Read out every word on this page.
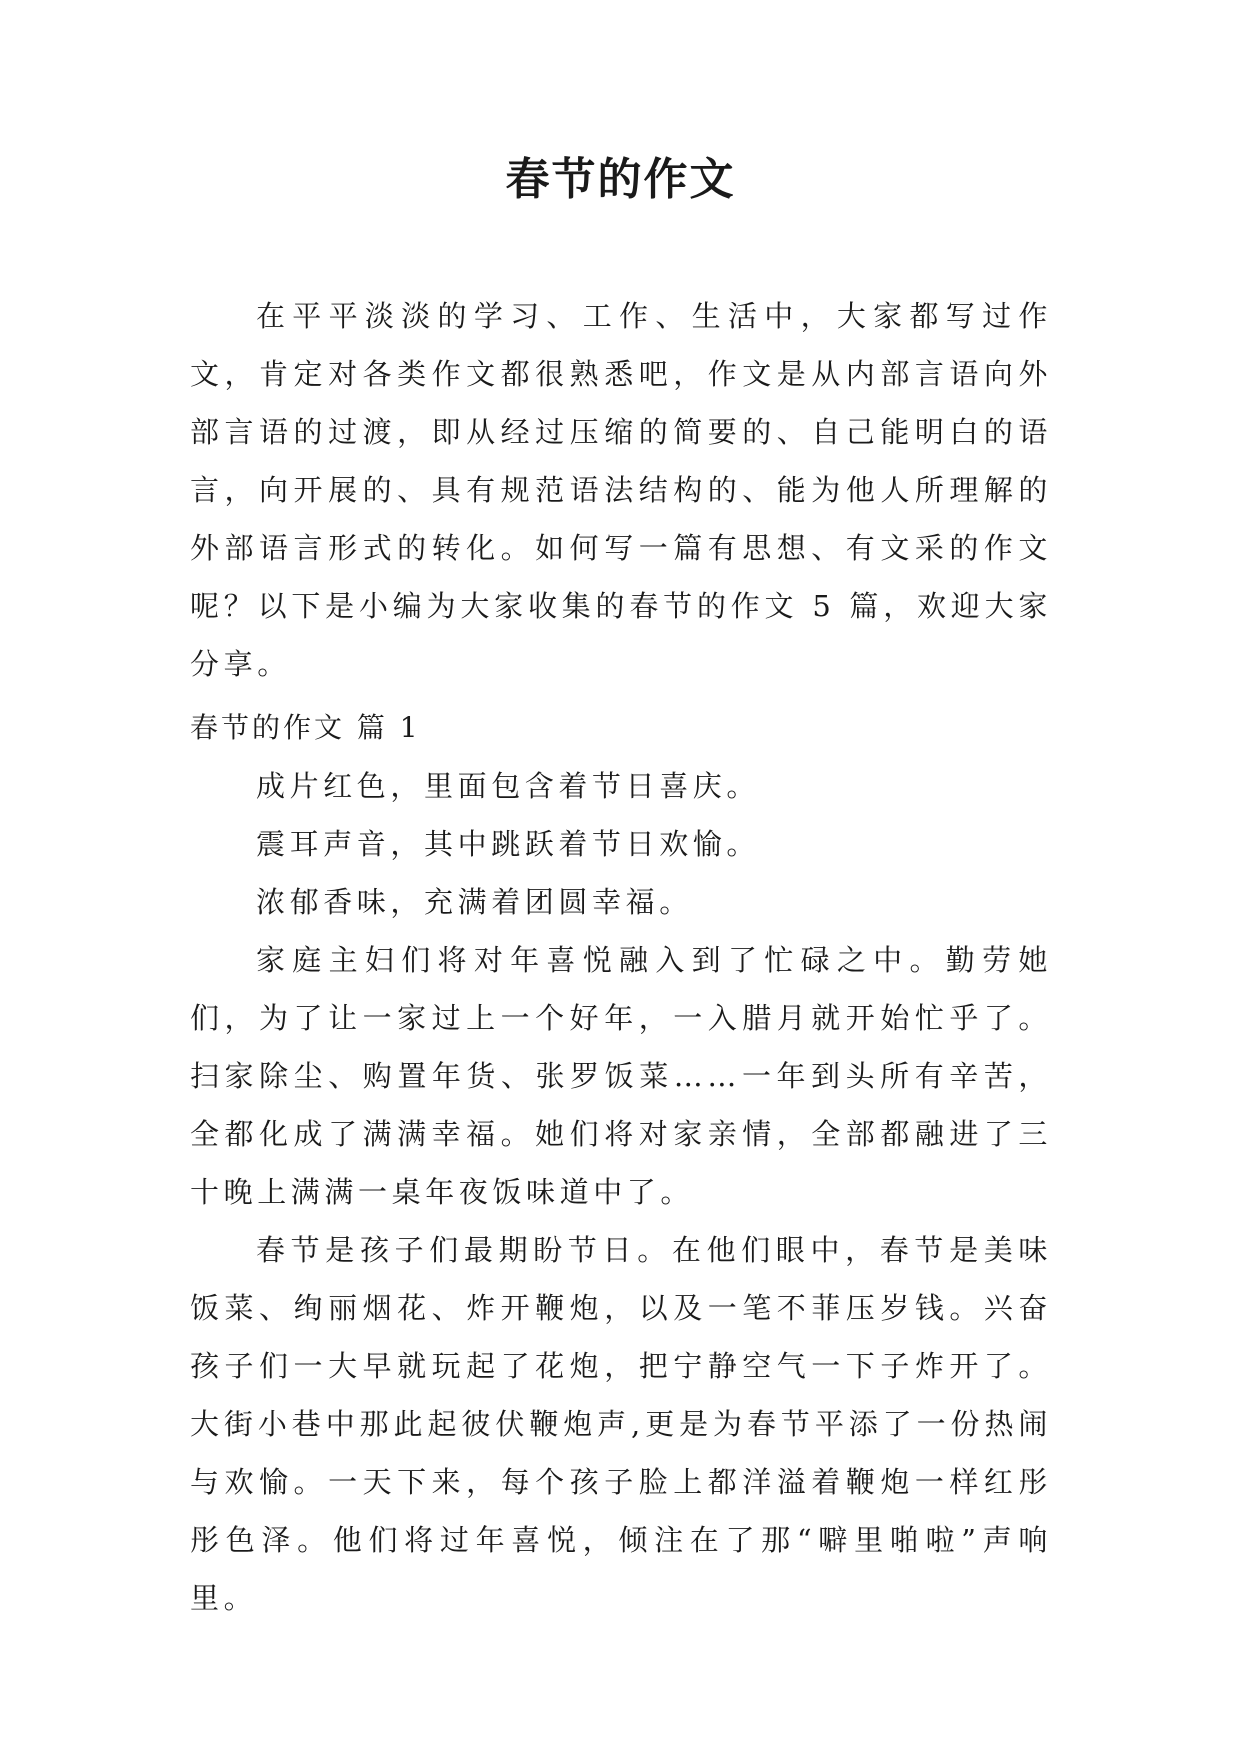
春节的作文

在平平淡淡的学习、工作、生活中，大家都写过作文，肯定对各类作文都很熟悉吧，作文是从内部言语向外部言语的过渡，即从经过压缩的简要的、自己能明白的语言，向开展的、具有规范语法结构的、能为他人所理解的外部语言形式的转化。如何写一篇有思想、有文采的作文呢？以下是小编为大家收集的春节的作文 5 篇，欢迎大家分享。

春节的作文 篇 1

成片红色，里面包含着节日喜庆。

震耳声音，其中跳跃着节日欢愉。

浓郁香味，充满着团圆幸福。

家庭主妇们将对年喜悦融入到了忙碌之中。勤劳她们，为了让一家过上一个好年，一入腊月就开始忙乎了。扫家除尘、购置年货、张罗饭菜……一年到头所有辛苦，全都化成了满满幸福。她们将对家亲情，全部都融进了三十晚上满满一桌年夜饭味道中了。

春节是孩子们最期盼节日。在他们眼中，春节是美味饭菜、绚丽烟花、炸开鞭炮，以及一笔不菲压岁钱。兴奋孩子们一大早就玩起了花炮，把宁静空气一下子炸开了。大街小巷中那此起彼伏鞭炮声,更是为春节平添了一份热闹与欢愉。一天下来，每个孩子脸上都洋溢着鞭炮一样红彤彤色泽。他们将过年喜悦，倾注在了那“噼里啪啦”声响里。
